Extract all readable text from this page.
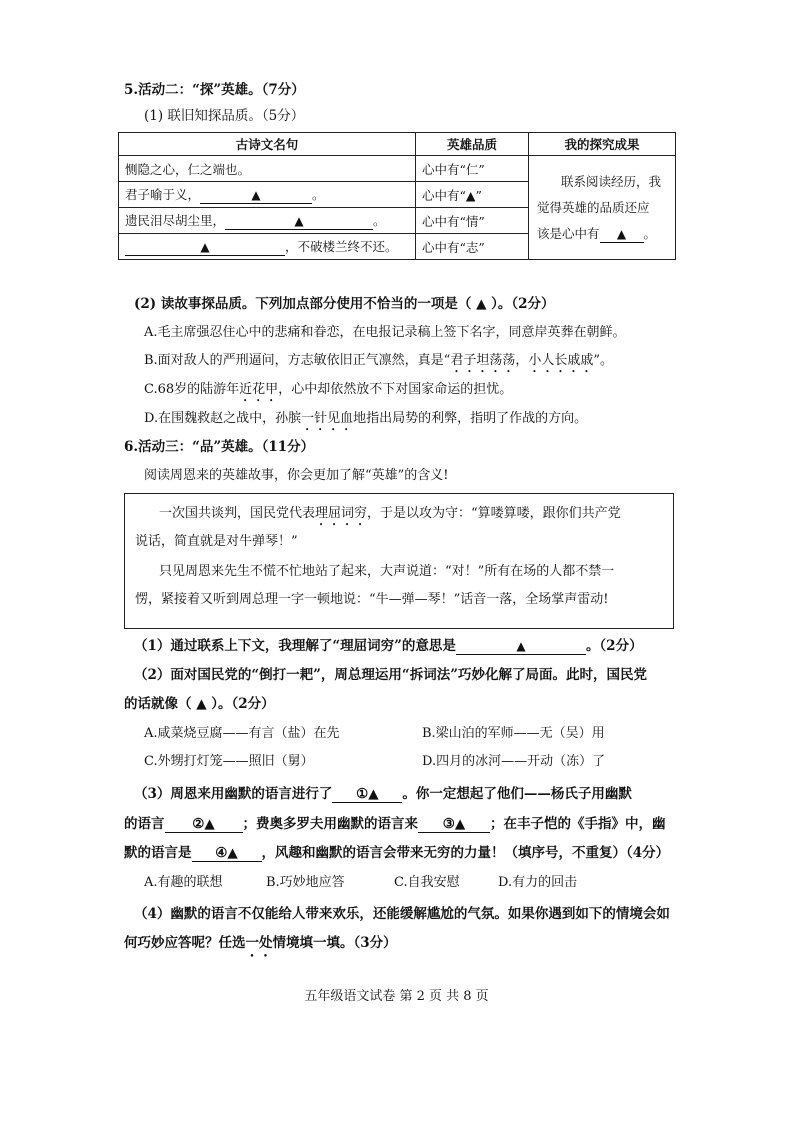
5.活动二：“探”英雄。（7分）
(1) 联旧知探品质。（5分）
古诗文名句	英雄品质	我的探究成果
恻隐之心，仁之端也。	心中有“仁”	联系阅读经历，我
觉得英雄的品质还应
该是心中有 ▲ 。

君子喻于义， ▲ 。	心中有“▲”	
遗民泪尽胡尘里， ▲ 。	心中有“情”	
▲ ，不破楼兰终不还。	心中有“志”	
(2) 读故事探品质。下列加点部分使用不恰当的一项是（ ▲ ）。（2分）
A.毛主席强忍住心中的悲痛和眷恋，在电报记录稿上签下名字，同意岸英葬在朝鲜。
B.面对敌人的严刑逼问，方志敏依旧正气凛然，真是“君子坦荡荡，小人长戚戚”。
C.68岁的陆游年近花甲，心中却依然放不下对国家命运的担忧。
D.在围魏救赵之战中，孙膑一针见血地指出局势的利弊，指明了作战的方向。
6.活动三：“品”英雄。（11分）
阅读周恩来的英雄故事，你会更加了解“英雄”的含义!
一次国共谈判，国民党代表理屈词穷，于是以攻为守：“算喽算喽，跟你们共产党
说话，简直就是对牛弹琴！”
只见周恩来先生不慌不忙地站了起来，大声说道：“对！”所有在场的人都不禁一
愣，紧接着又听到周总理一字一顿地说：“牛—弹—琴！”话音一落，全场掌声雷动!
（1）通过联系上下文，我理解了“理屈词穷”的意思是	▲	。（2分）
（2）面对国民党的“倒打一耙”，周总理运用“拆词法”巧妙化解了局面。此时，国民党
的话就像（ ▲ ）。（2分）
A.咸菜烧豆腐——有言（盐）在先	B.梁山泊的军师——无（吴）用
C.外甥打灯笼——照旧（舅）	D.四月的冰河——开动（冻）了
（3）周恩来用幽默的语言进行了 ①▲ 。你一定想起了他们——杨氏子用幽默
的语言 ②▲ ；费奥多罗夫用幽默的语言来 ③▲ ；在丰子恺的《手指》中，幽
默的语言是 ④▲ ，风趣和幽默的语言会带来无穷的力量！（填序号，不重复）（4分）
A.有趣的联想	B.巧妙地应答	C.自我安慰	D.有力的回击
（4）幽默的语言不仅能给人带来欢乐，还能缓解尴尬的气氛。如果你遇到如下的情境会如
何巧妙应答呢？任选一处情境填一填。（3分）
五年级语文试卷 第 2 页 共 8 页
